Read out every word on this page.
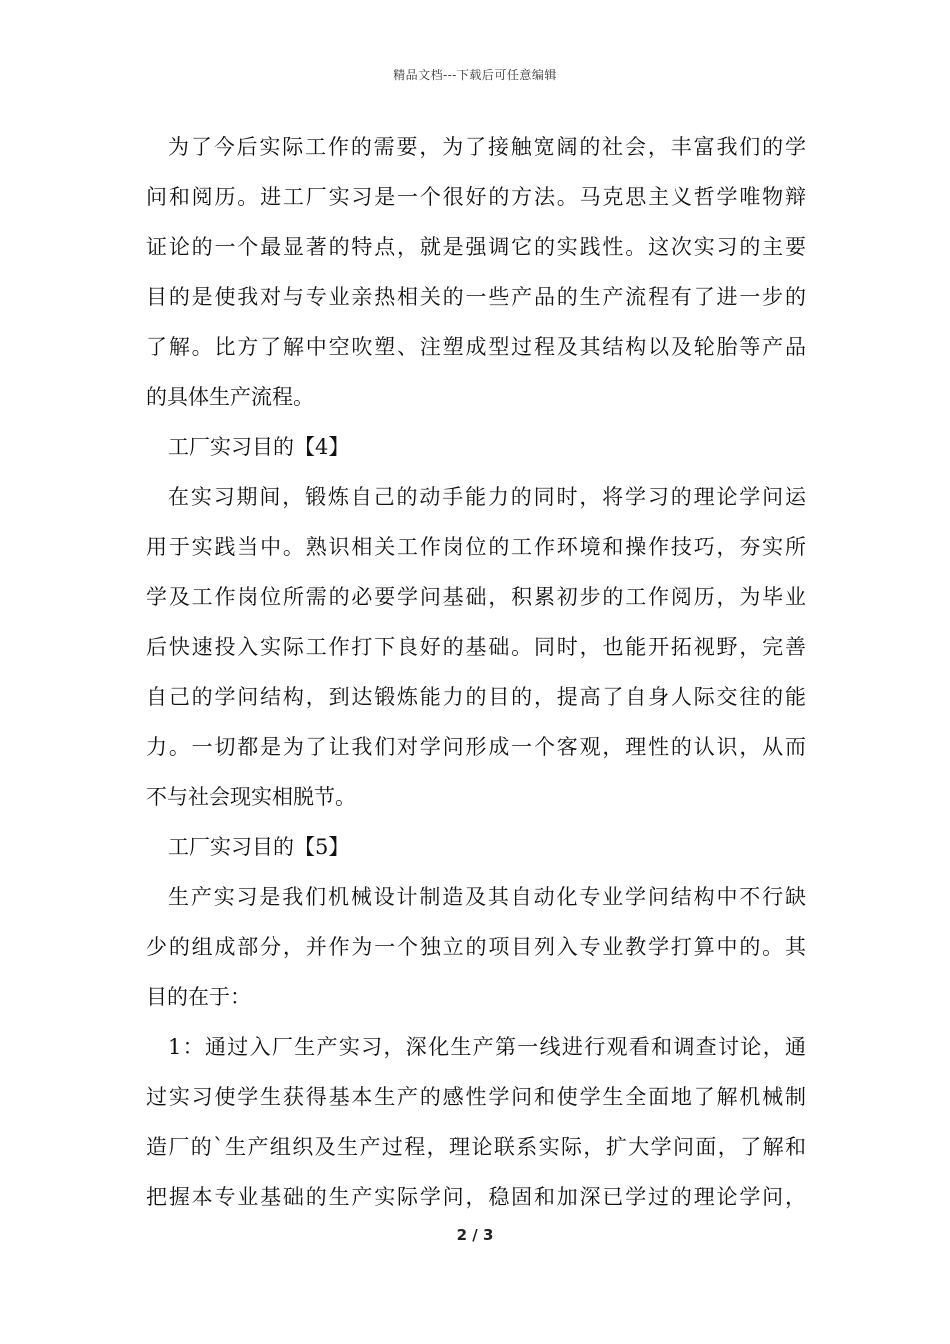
精品文档---下载后可任意编辑
为了今后实际工作的需要，为了接触宽阔的社会，丰富我们的学
问和阅历。进工厂实习是一个很好的方法。马克思主义哲学唯物辩
证论的一个最显著的特点，就是强调它的实践性。这次实习的主要
目的是使我对与专业亲热相关的一些产品的生产流程有了进一步的
了解。比方了解中空吹塑、注塑成型过程及其结构以及轮胎等产品
的具体生产流程。
工厂实习目的【4】
在实习期间，锻炼自己的动手能力的同时，将学习的理论学问运
用于实践当中。熟识相关工作岗位的工作环境和操作技巧，夯实所
学及工作岗位所需的必要学问基础，积累初步的工作阅历，为毕业
后快速投入实际工作打下良好的基础。同时，也能开拓视野，完善
自己的学问结构，到达锻炼能力的目的，提高了自身人际交往的能
力。一切都是为了让我们对学问形成一个客观，理性的认识，从而
不与社会现实相脱节。
工厂实习目的【5】
生产实习是我们机械设计制造及其自动化专业学问结构中不行缺
少的组成部分，并作为一个独立的项目列入专业教学打算中的。其
目的在于：
1：通过入厂生产实习，深化生产第一线进行观看和调查讨论，通
过实习使学生获得基本生产的感性学问和使学生全面地了解机械制
造厂的`生产组织及生产过程，理论联系实际，扩大学问面，了解和
把握本专业基础的生产实际学问，稳固和加深已学过的理论学问，
2 / 3
